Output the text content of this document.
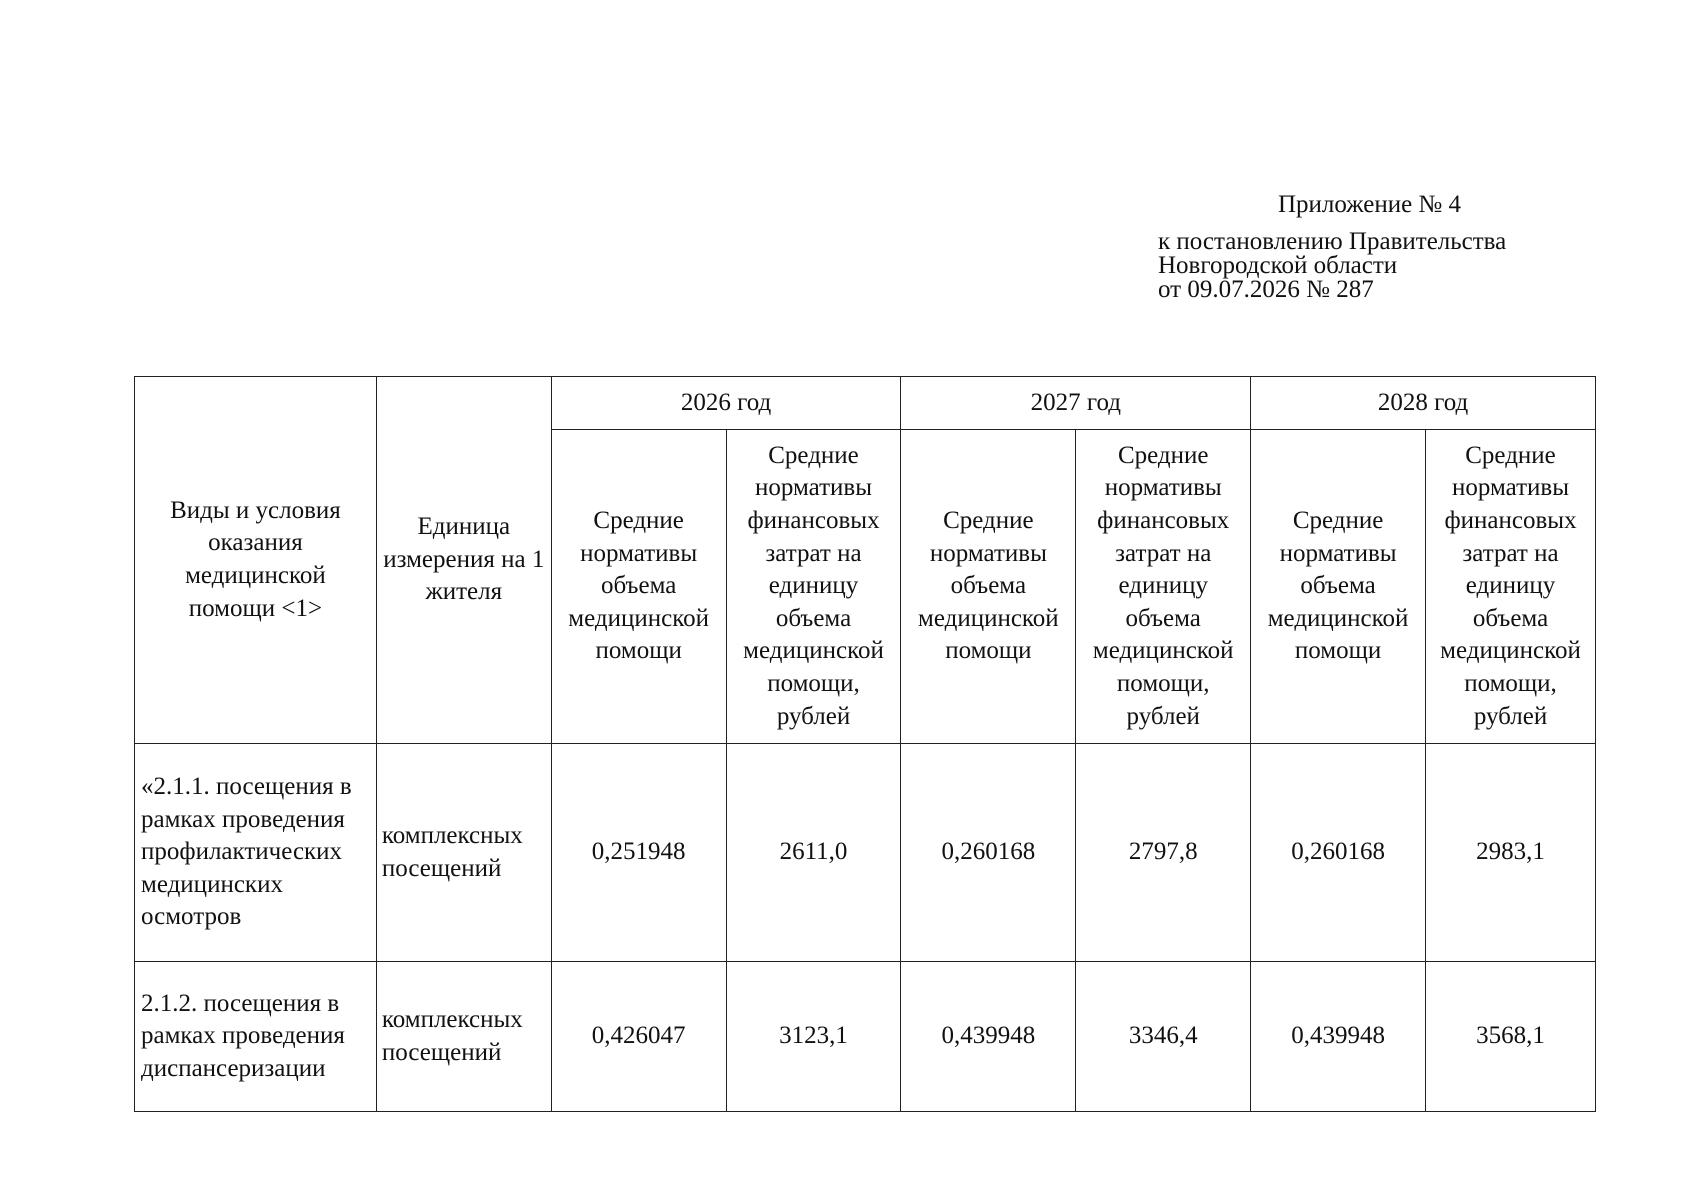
Приложение № 4
к постановлению Правительства
Новгородской области
от 09.07.2026 № 287
Виды и условия оказания медицинской помощи <1>	Единица измерения на 1 жителя	2026 год		2027 год		2028 год	
		Средние нормативы объема медицинской помощи	Средние нормативы финансовых затрат на единицу объема медицинской помощи, рублей	Средние нормативы объема медицинской помощи	Средние нормативы финансовых затрат на единицу объема медицинской помощи, рублей	Средние нормативы объема медицинской помощи	Средние нормативы финансовых затрат на единицу объема медицинской помощи, рублей
«2.1.1. посещения в рамках проведения профилактических медицинских осмотров	комплексных посещений	0,251948	2611,0	0,260168	2797,8	0,260168	2983,1
2.1.2. посещения в рамках проведения диспансеризации	комплексных посещений	0,426047	3123,1	0,439948	3346,4	0,439948	3568,1
